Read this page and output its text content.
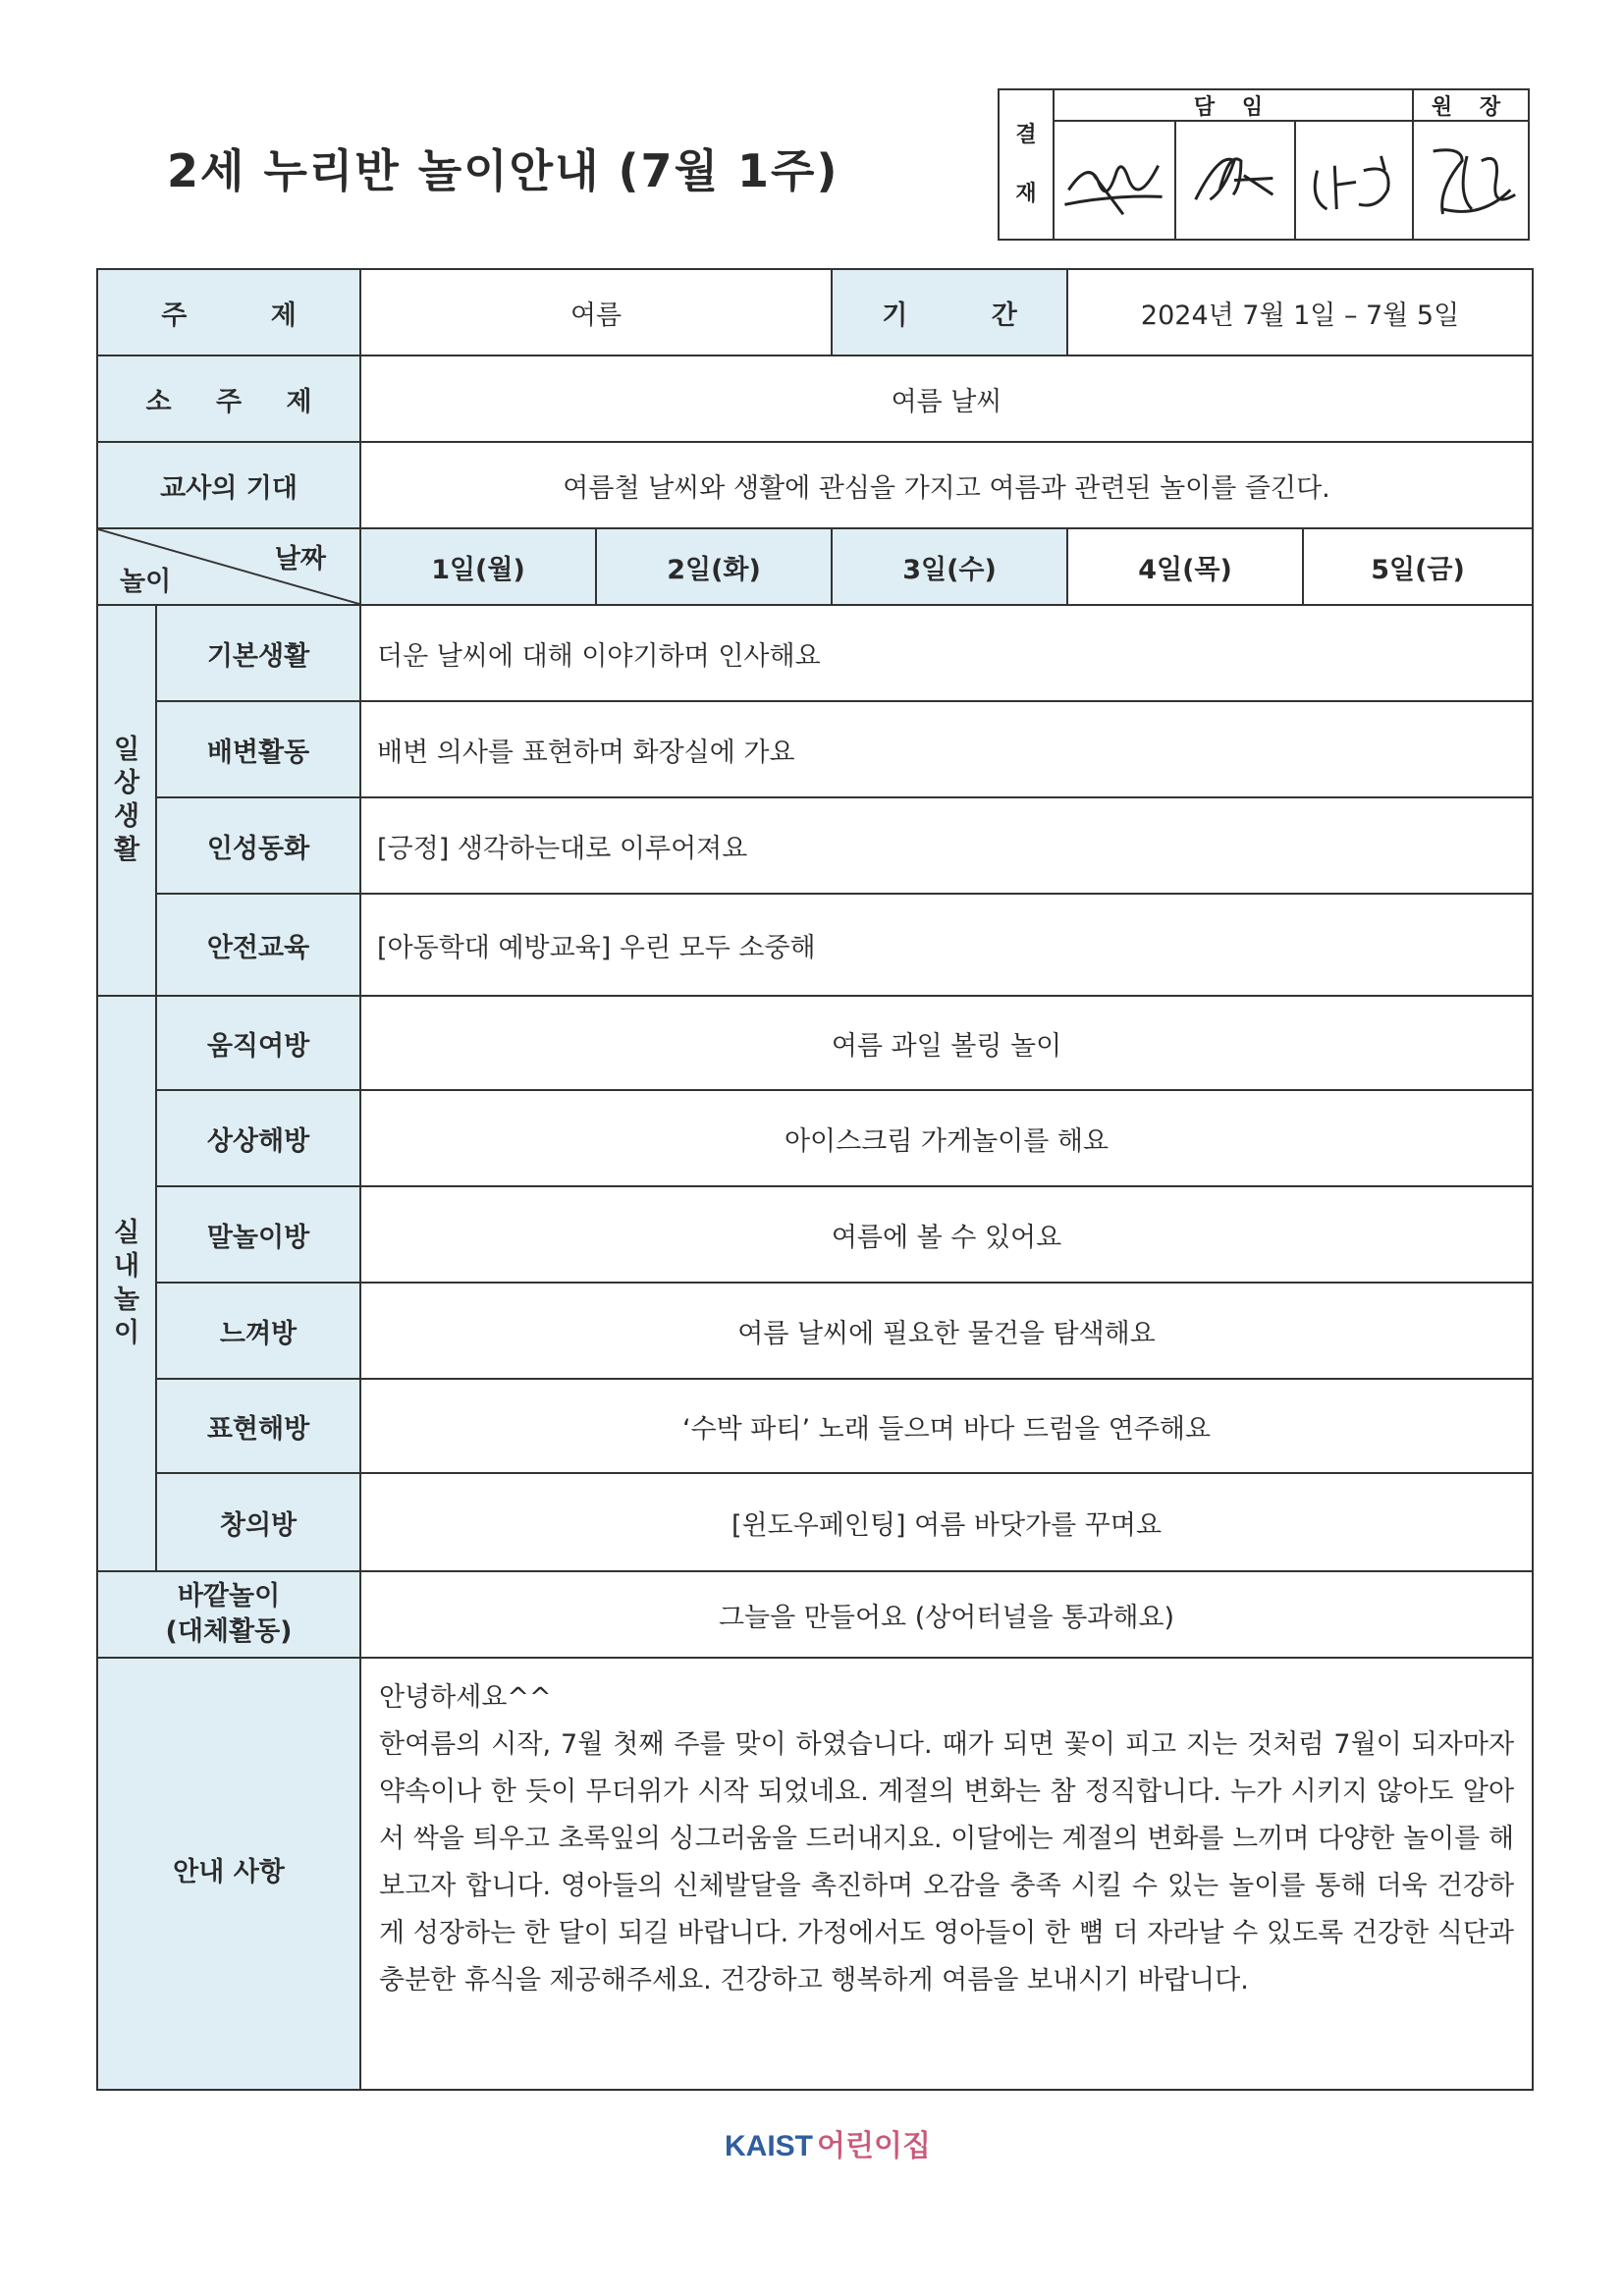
2세 누리반 놀이안내 (7월 1주)
결
재
담 임	원 장
주 제		여름		기 간	2024년 7월 1일 – 7월 5일	
소 주 제		여름 날씨				
교사의 기대		여름철 날씨와 생활에 관심을 가지고 여름과 관련된 놀이를 즐긴다.				

날짜
놀이		1일(월)	2일(화)	3일(수)	4일(목)	5일(금)
일상생활	기본생활	더운 날씨에 대해 이야기하며 인사해요				
	배변활동	배변 의사를 표현하며 화장실에 가요				
	인성동화	[긍정] 생각하는대로 이루어져요				
	안전교육	[아동학대 예방교육] 우린 모두 소중해				
실내놀이	움직여방	여름 과일 볼링 놀이				
	상상해방	아이스크림 가게놀이를 해요				
	말놀이방	여름에 볼 수 있어요				
	느껴방	여름 날씨에 필요한 물건을 탐색해요				
	표현해방	‘수박 파티’ 노래 들으며 바다 드럼을 연주해요				
	창의방	[윈도우페인팅] 여름 바닷가를 꾸며요				

바깥놀이
(대체활동)		그늘을 만들어요 (상어터널을 통과해요)				
안내 사항		안녕하세요^^
한여름의 시작, 7월 첫째 주를 맞이 하였습니다. 때가 되면 꽃이 피고 지는 것처럼 7월이 되자마자 약속이나 한 듯이 무더위가 시작 되었네요. 계절의 변화는 참 정직합니다. 누가 시키지 않아도 알아서 싹을 틔우고 초록잎의 싱그러움을 드러내지요. 이달에는 계절의 변화를 느끼며 다양한 놀이를 해보고자 합니다. 영아들의 신체발달을 촉진하며 오감을 충족 시킬 수 있는 놀이를 통해 더욱 건강하게 성장하는 한 달이 되길 바랍니다. 가정에서도 영아들이 한 뼘 더 자라날 수 있도록 건강한 식단과 충분한 휴식을 제공해주세요. 건강하고 행복하게 여름을 보내시기 바랍니다.				
KAIST 어린이집
